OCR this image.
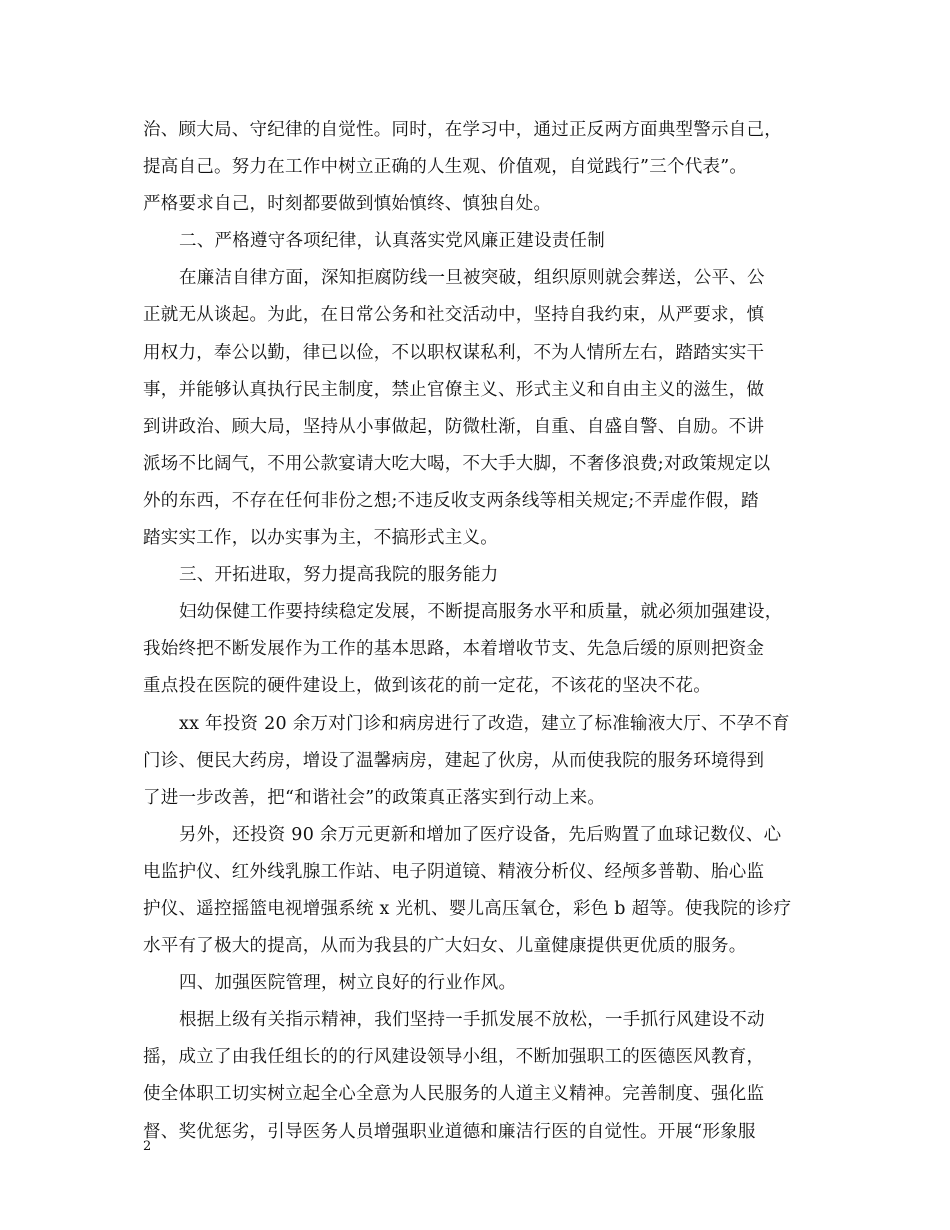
治、顾大局、守纪律的自觉性。同时，在学习中，通过正反两方面典型警示自己，
提高自己。努力在工作中树立正确的人生观、价值观，自觉践行”三个代表”。
严格要求自己，时刻都要做到慎始慎终、慎独自处。
二、严格遵守各项纪律，认真落实党风廉正建设责任制
在廉洁自律方面，深知拒腐防线一旦被突破，组织原则就会葬送，公平、公
正就无从谈起。为此，在日常公务和社交活动中，坚持自我约束，从严要求，慎
用权力，奉公以勤，律已以俭，不以职权谋私利，不为人情所左右，踏踏实实干
事，并能够认真执行民主制度，禁止官僚主义、形式主义和自由主义的滋生，做
到讲政治、顾大局，坚持从小事做起，防微杜渐，自重、自盛自警、自励。不讲
派场不比阔气，不用公款宴请大吃大喝，不大手大脚，不奢侈浪费;对政策规定以
外的东西，不存在任何非份之想;不违反收支两条线等相关规定;不弄虚作假，踏
踏实实工作，以办实事为主，不搞形式主义。
三、开拓进取，努力提高我院的服务能力
妇幼保健工作要持续稳定发展，不断提高服务水平和质量，就必须加强建设，
我始终把不断发展作为工作的基本思路，本着增收节支、先急后缓的原则把资金
重点投在医院的硬件建设上，做到该花的前一定花，不该花的坚决不花。
xx 年投资 20 余万对门诊和病房进行了改造，建立了标准输液大厅、不孕不育
门诊、便民大药房，增设了温馨病房，建起了伙房，从而使我院的服务环境得到
了进一步改善，把“和谐社会”的政策真正落实到行动上来。
另外，还投资 90 余万元更新和增加了医疗设备，先后购置了血球记数仪、心
电监护仪、红外线乳腺工作站、电子阴道镜、精液分析仪、经颅多普勒、胎心监
护仪、遥控摇篮电视增强系统 x 光机、婴儿高压氧仓，彩色 b 超等。使我院的诊疗
水平有了极大的提高，从而为我县的广大妇女、儿童健康提供更优质的服务。
四、加强医院管理，树立良好的行业作风。
根据上级有关指示精神，我们坚持一手抓发展不放松，一手抓行风建设不动
摇，成立了由我任组长的的行风建设领导小组，不断加强职工的医德医风教育，
使全体职工切实树立起全心全意为人民服务的人道主义精神。完善制度、强化监
督、奖优惩劣，引导医务人员增强职业道德和廉洁行医的自觉性。开展“形象服
2
